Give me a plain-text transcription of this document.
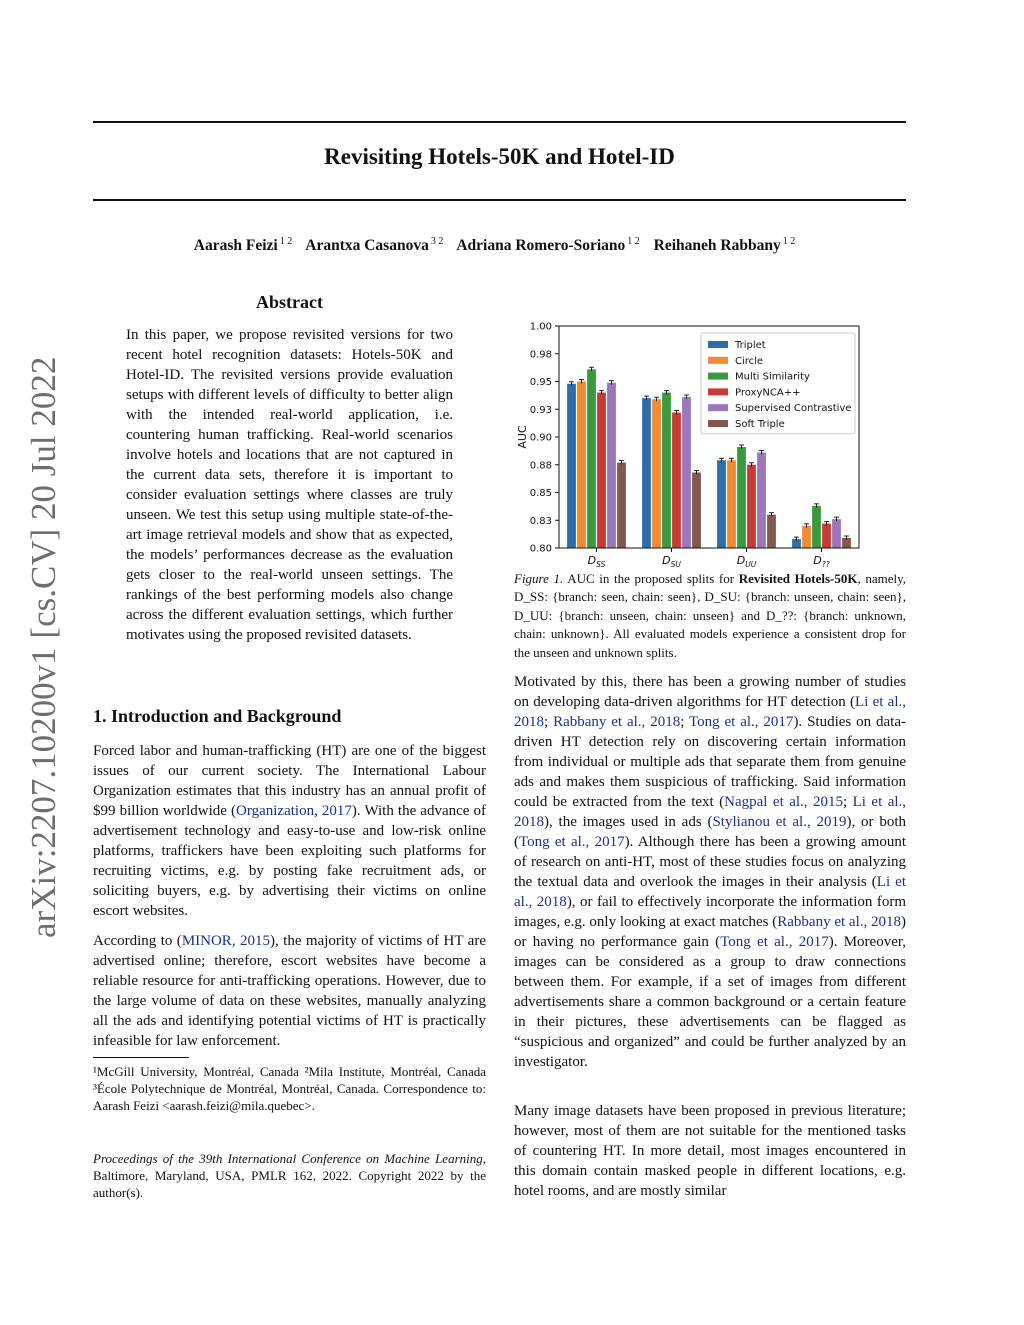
Revisiting Hotels-50K and Hotel-ID
Aarash Feizi $^{1 2}$ Arantxa Casanova $^{3 2}$ Adriana Romero-Soriano $^{1 2}$ Reihaneh Rabbany $^{1 2}$
arXiv:2207.10200v1 [cs.CV] 20 Jul 2022
Abstract

In this paper, we propose revisited versions for two recent hotel recognition datasets: Hotels-50K and Hotel-ID. The revisited versions provide evaluation setups with different levels of difficulty to better align with the intended real-world application, i.e. countering human trafficking. Real-world scenarios involve hotels and locations that are not captured in the current data sets, therefore it is important to consider evaluation settings where classes are truly unseen. We test this setup using multiple state-of-the-art image retrieval models and show that as expected, the models’ performances decrease as the evaluation gets closer to the real-world unseen settings. The rankings of the best performing models also change across the different evaluation settings, which further motivates using the proposed revisited datasets.

1. Introduction and Background

Forced labor and human-trafficking (HT) are one of the biggest issues of our current society. The International Labour Organization estimates that this industry has an annual profit of $99 billion worldwide (Organization, 2017). With the advance of advertisement technology and easy-to-use and low-risk online platforms, traffickers have been exploiting such platforms for recruiting victims, e.g. by posting fake recruitment ads, or soliciting buyers, e.g. by advertising their victims on online escort websites.

According to (MINOR, 2015), the majority of victims of HT are advertised online; therefore, escort websites have become a reliable resource for anti-trafficking operations. However, due to the large volume of data on these websites, manually analyzing all the ads and identifying potential victims of HT is practically infeasible for law enforcement.

¹McGill University, Montréal, Canada ²Mila Institute, Montréal, Canada ³École Polytechnique de Montréal, Montréal, Canada. Correspondence to: Aarash Feizi <aarash.feizi@mila.quebec>.

Proceedings of the 39th International Conference on Machine Learning, Baltimore, Maryland, USA, PMLR 162, 2022. Copyright 2022 by the author(s).

1.00
0.98
0.95
0.93
0.90
0.88
0.85
0.83
0.80
AUC
$D_{SS}$	$D_{SU}$	$D_{UU}$	$D_{??}$
Triplet
Circle
Multi Similarity
ProxyNCA++
Supervised Contrastive
Soft Triple

Figure 1. AUC in the proposed splits for Revisited Hotels-50K, namely, D_SS: {branch: seen, chain: seen}, D_SU: {branch: unseen, chain: seen}, D_UU: {branch: unseen, chain: unseen} and D_??: {branch: unknown, chain: unknown}. All evaluated models experience a consistent drop for the unseen and unknown splits.

Motivated by this, there has been a growing number of studies on developing data-driven algorithms for HT detection (Li et al., 2018; Rabbany et al., 2018; Tong et al., 2017). Studies on data-driven HT detection rely on discovering certain information from individual or multiple ads that separate them from genuine ads and makes them suspicious of trafficking. Said information could be extracted from the text (Nagpal et al., 2015; Li et al., 2018), the images used in ads (Stylianou et al., 2019), or both (Tong et al., 2017). Although there has been a growing amount of research on anti-HT, most of these studies focus on analyzing the textual data and overlook the images in their analysis (Li et al., 2018), or fail to effectively incorporate the information form images, e.g. only looking at exact matches (Rabbany et al., 2018) or having no performance gain (Tong et al., 2017). Moreover, images can be considered as a group to draw connections between them. For example, if a set of images from different advertisements share a common background or a certain feature in their pictures, these advertisements can be flagged as “suspicious and organized” and could be further analyzed by an investigator.

Many image datasets have been proposed in previous literature; however, most of them are not suitable for the mentioned tasks of countering HT. In more detail, most images encountered in this domain contain masked people in different locations, e.g. hotel rooms, and are mostly similar
